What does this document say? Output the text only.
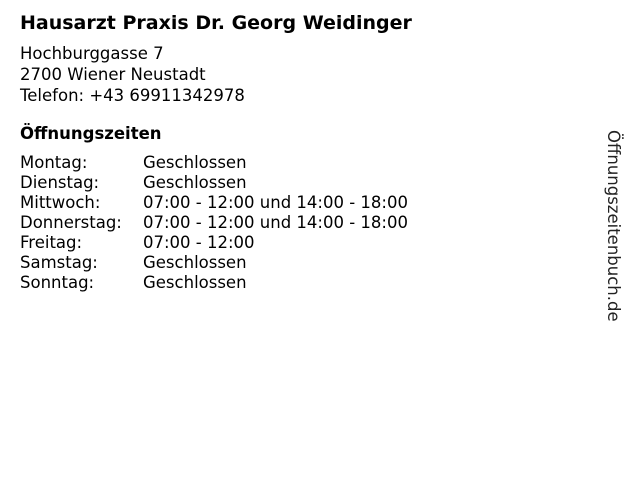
Hausarzt Praxis Dr. Georg Weidinger
Hochburggasse 7
2700 Wiener Neustadt
Telefon: +43 69911342978
Öffnungszeiten
Montag:	Geschlossen
Dienstag:	Geschlossen
Mittwoch:	07:00 - 12:00 und 14:00 - 18:00
Donnerstag:	07:00 - 12:00 und 14:00 - 18:00
Freitag:	07:00 - 12:00
Samstag:	Geschlossen
Sonntag:	Geschlossen	Öffnungszeitenbuch.de
